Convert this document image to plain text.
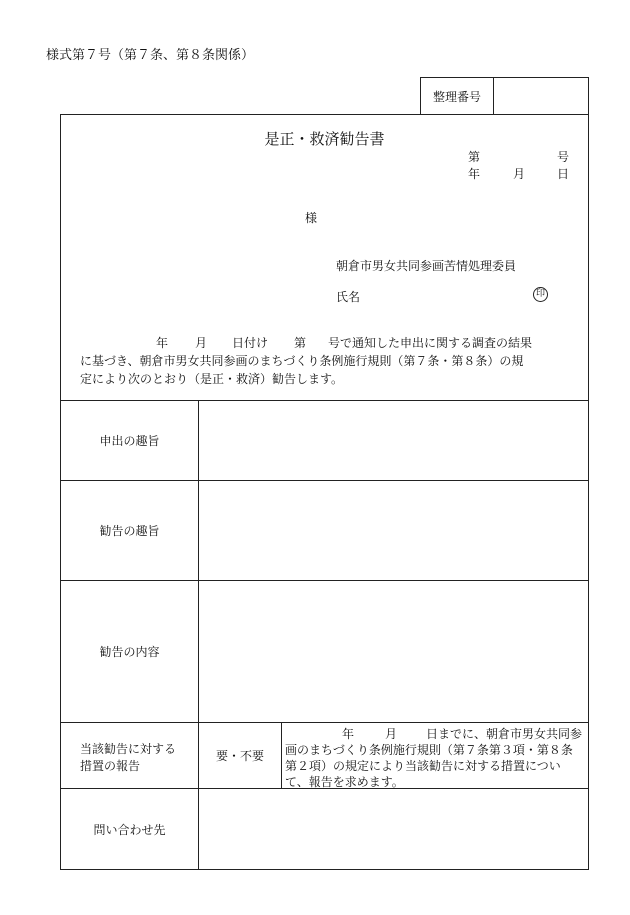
様式第７号（第７条、第８条関係）
整理番号
是正・救済勧告書
第	号
年	月	日
様
朝倉市男女共同参画苦情処理委員
氏名	印
年 月 日付け 第 号で通知した申出に関する調査の結果
に基づき、朝倉市男女共同参画のまちづくり条例施行規則（第７条・第８条）の規
定により次のとおり（是正・救済）勧告します。
申出の趣旨
勧告の趣旨
勧告の内容
当該勧告に対する
措置の報告
要・不要
年	月 日までに、朝倉市男女共同参
画のまちづくり条例施行規則（第７条第３項・第８条
第２項）の規定により当該勧告に対する措置につい
て、報告を求めます。
問い合わせ先
